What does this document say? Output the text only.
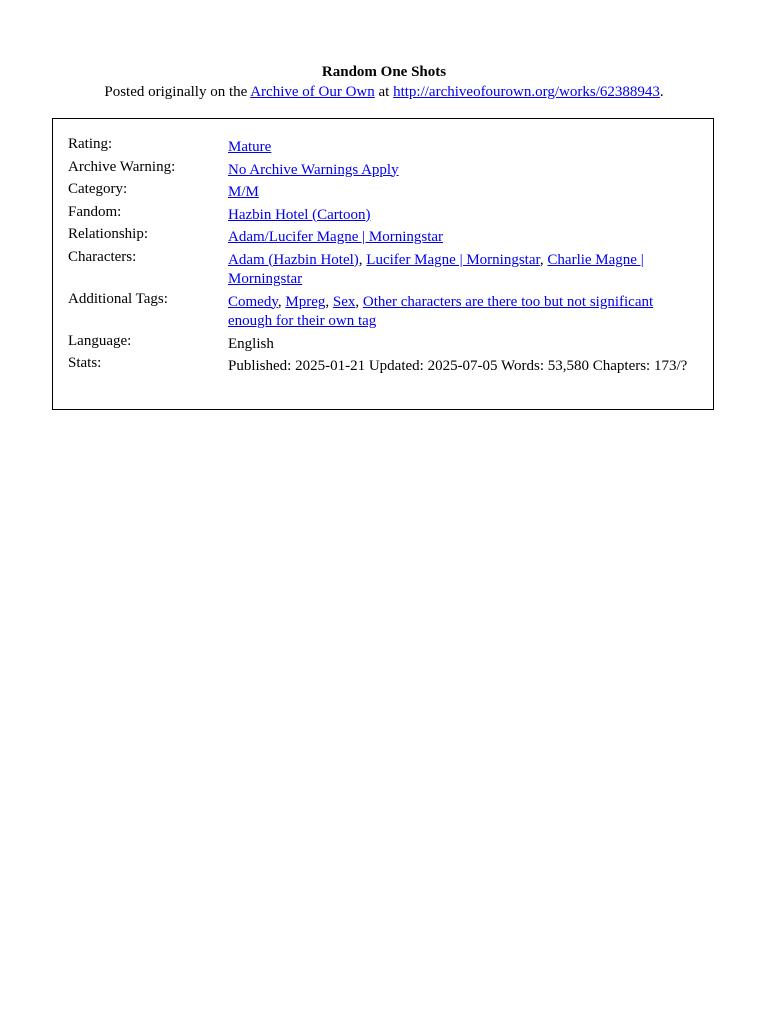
Random One Shots
Posted originally on the Archive of Our Own at http://archiveofourown.org/works/62388943.
Rating:	Mature
Archive Warning:	No Archive Warnings Apply
Category:	M/M
Fandom:	Hazbin Hotel (Cartoon)
Relationship:	Adam/Lucifer Magne | Morningstar
Characters:	Adam (Hazbin Hotel), Lucifer Magne | Morningstar, Charlie Magne | Morningstar
Additional Tags:	Comedy, Mpreg, Sex, Other characters are there too but not significant enough for their own tag
Language:	English
Stats:	Published: 2025-01-21 Updated: 2025-07-05 Words: 53,580 Chapters: 173/?
